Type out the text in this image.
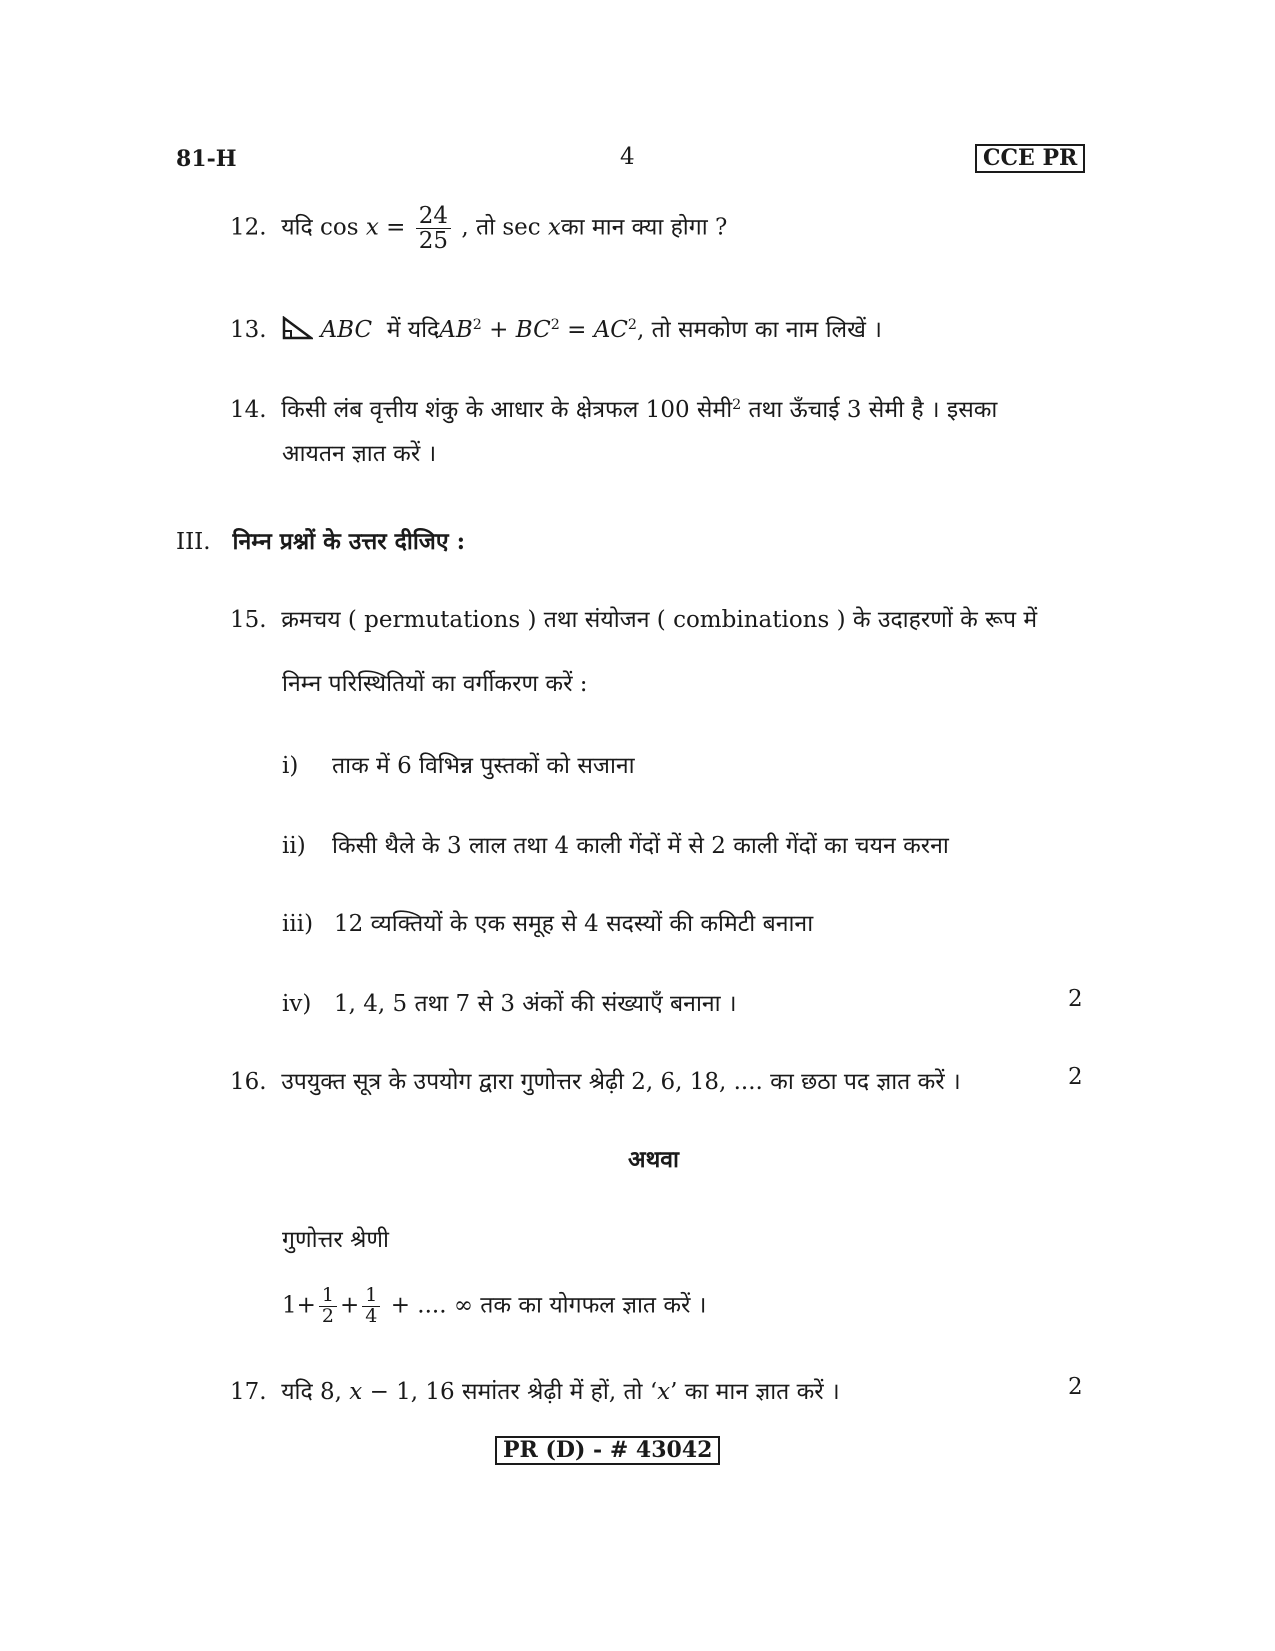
81-H	4	CCE PR
12. यदि $\cos x = \frac{24}{25}$ , तो sec xका मान क्या होगा ?
13. ABC में $यदिAB^2 + BC^2 = AC^2$, तो समकोण का नाम लिखें ।
14. किसी लंब वृत्तीय शंकु के आधार के क्षेत्रफल 100 सेमी$^2$ तथा ऊँचाई 3 सेमी है । इसका
आयतन ज्ञात करें ।
III. निम्न प्रश्नों के उत्तर दीजिए :
15. क्रमचय ( permutations ) तथा संयोजन ( combinations ) के उदाहरणों के रूप में
निम्न परिस्थितियों का वर्गीकरण करें :
i) ताक में 6 विभिन्न पुस्तकों को सजाना
ii) किसी थैले के 3 लाल तथा 4 काली गेंदों में से 2 काली गेंदों का चयन करना
iii) 12 व्यक्तियों के एक समूह से 4 सदस्यों की कमिटी बनाना
iv) 1, 4, 5 तथा 7 से 3 अंकों की संख्याएँ बनाना ।	2
16. उपयुक्त सूत्र के उपयोग द्वारा गुणोत्तर श्रेढ़ी 2, 6, 18, .... का छठा पद ज्ञात करें ।	2
अथवा
गुणोत्तर श्रेणी
$1+ \frac{1}{2} + \frac{1}{4}$ + .... ∞ तक का योगफल ज्ञात करें ।
17. यदि 8, x − 1, 16 समांतर श्रेढ़ी में हों, तो ‘x’ का मान ज्ञात करें ।	2
PR (D) - # 43042
